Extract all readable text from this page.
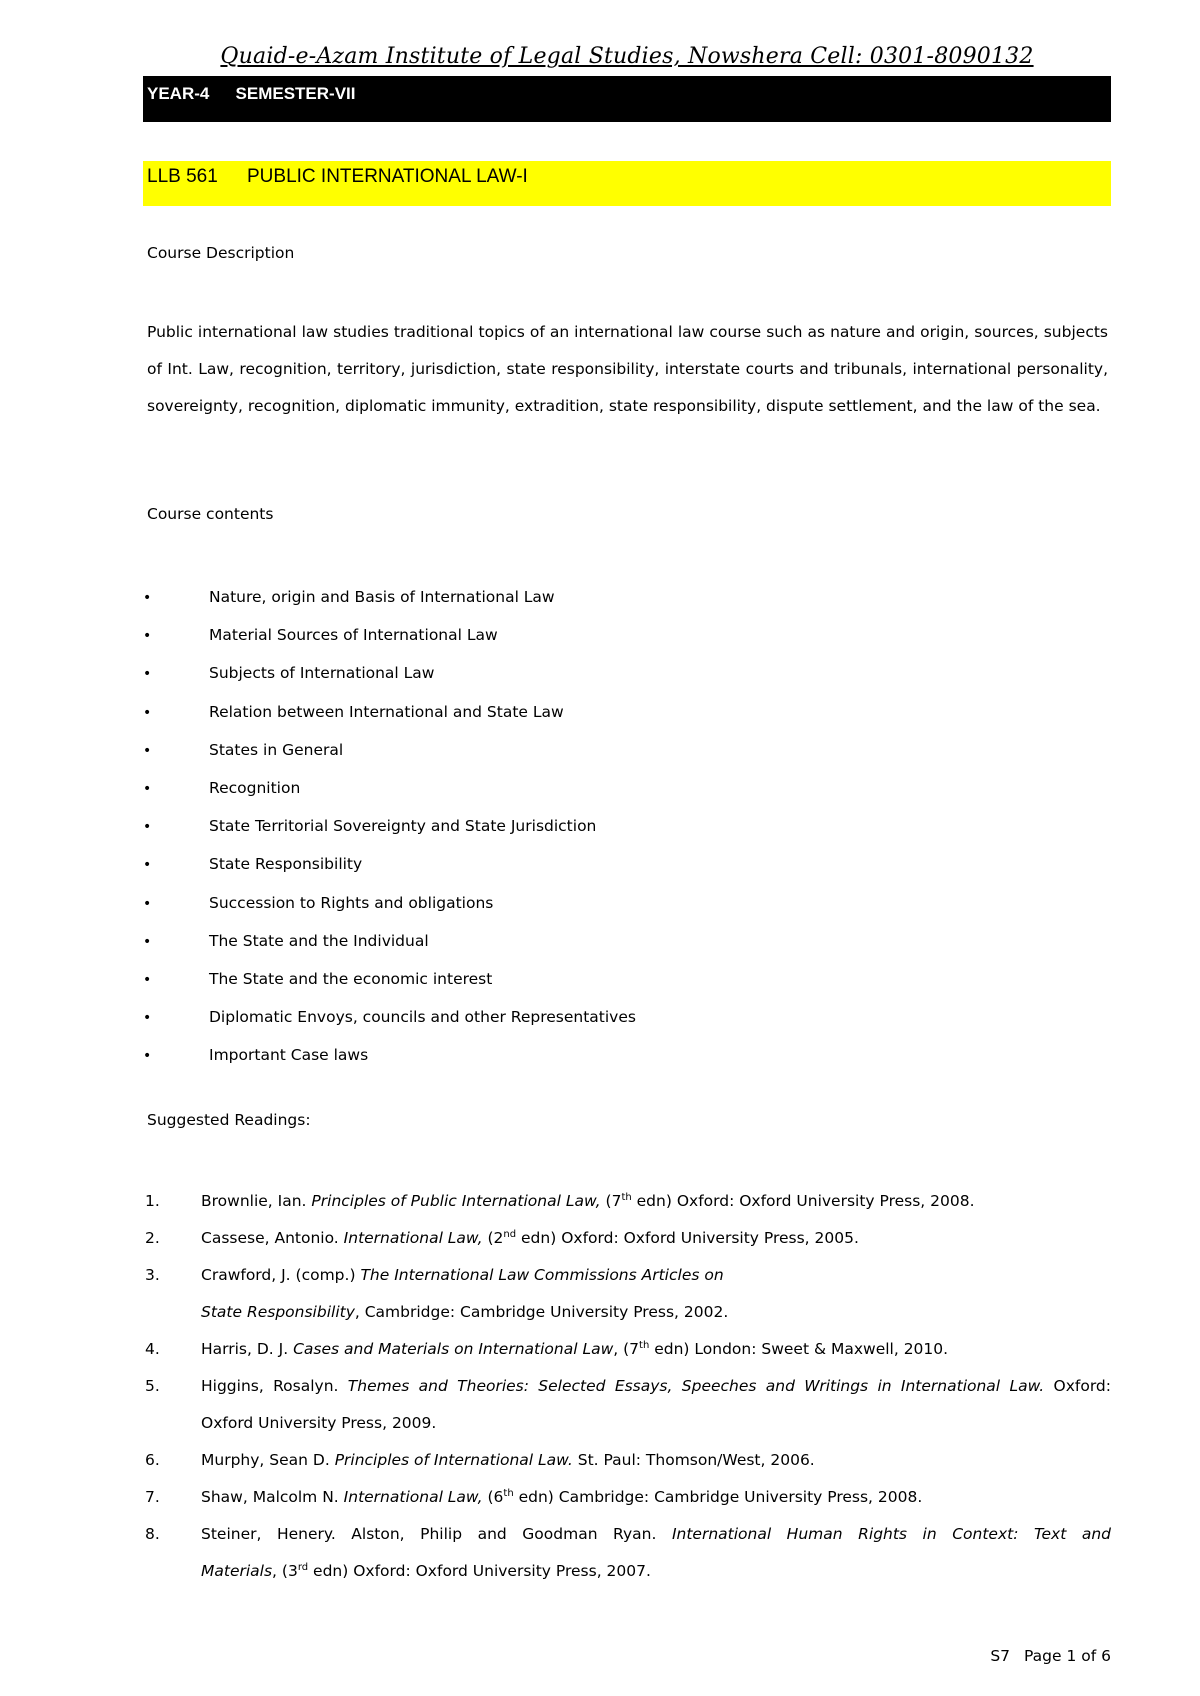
Quaid-e-Azam Institute of Legal Studies, Nowshera Cell: 0301-8090132
YEAR-4 SEMESTER-VII
LLB 561 PUBLIC INTERNATIONAL LAW-I
Course Description
Public international law studies traditional topics of an international law course such as nature and origin, sources, subjects of Int. Law, recognition, territory, jurisdiction, state responsibility, interstate courts and tribunals, international personality, sovereignty, recognition, diplomatic immunity, extradition, state responsibility, dispute settlement, and the law of the sea.
Course contents
•	Nature, origin and Basis of International Law
•	Material Sources of International Law
•	Subjects of International Law
•	Relation between International and State Law
•	States in General
•	Recognition
•	State Territorial Sovereignty and State Jurisdiction
•	State Responsibility
•	Succession to Rights and obligations
•	The State and the Individual
•	The State and the economic interest
•	Diplomatic Envoys, councils and other Representatives
•	Important Case laws
Suggested Readings:
1.	Brownlie, Ian. Principles of Public International Law, (7th edn) Oxford: Oxford University Press, 2008.
2.	Cassese, Antonio. International Law, (2nd edn) Oxford: Oxford University Press, 2005.
3.	Crawford, J. (comp.) The International Law Commissions Articles on
State Responsibility, Cambridge: Cambridge University Press, 2002.
4.	Harris, D. J. Cases and Materials on International Law, (7th edn) London: Sweet & Maxwell, 2010.
5.	Higgins, Rosalyn. Themes and Theories: Selected Essays, Speeches and Writings in International Law. Oxford:
Oxford University Press, 2009.
6.	Murphy, Sean D. Principles of International Law. St. Paul: Thomson/West, 2006.
7.	Shaw, Malcolm N. International Law, (6th edn) Cambridge: Cambridge University Press, 2008.
8.	Steiner, Henery. Alston, Philip and Goodman Ryan. International Human Rights in Context: Text and
Materials, (3rd edn) Oxford: Oxford University Press, 2007.
S7 Page 1 of 6
